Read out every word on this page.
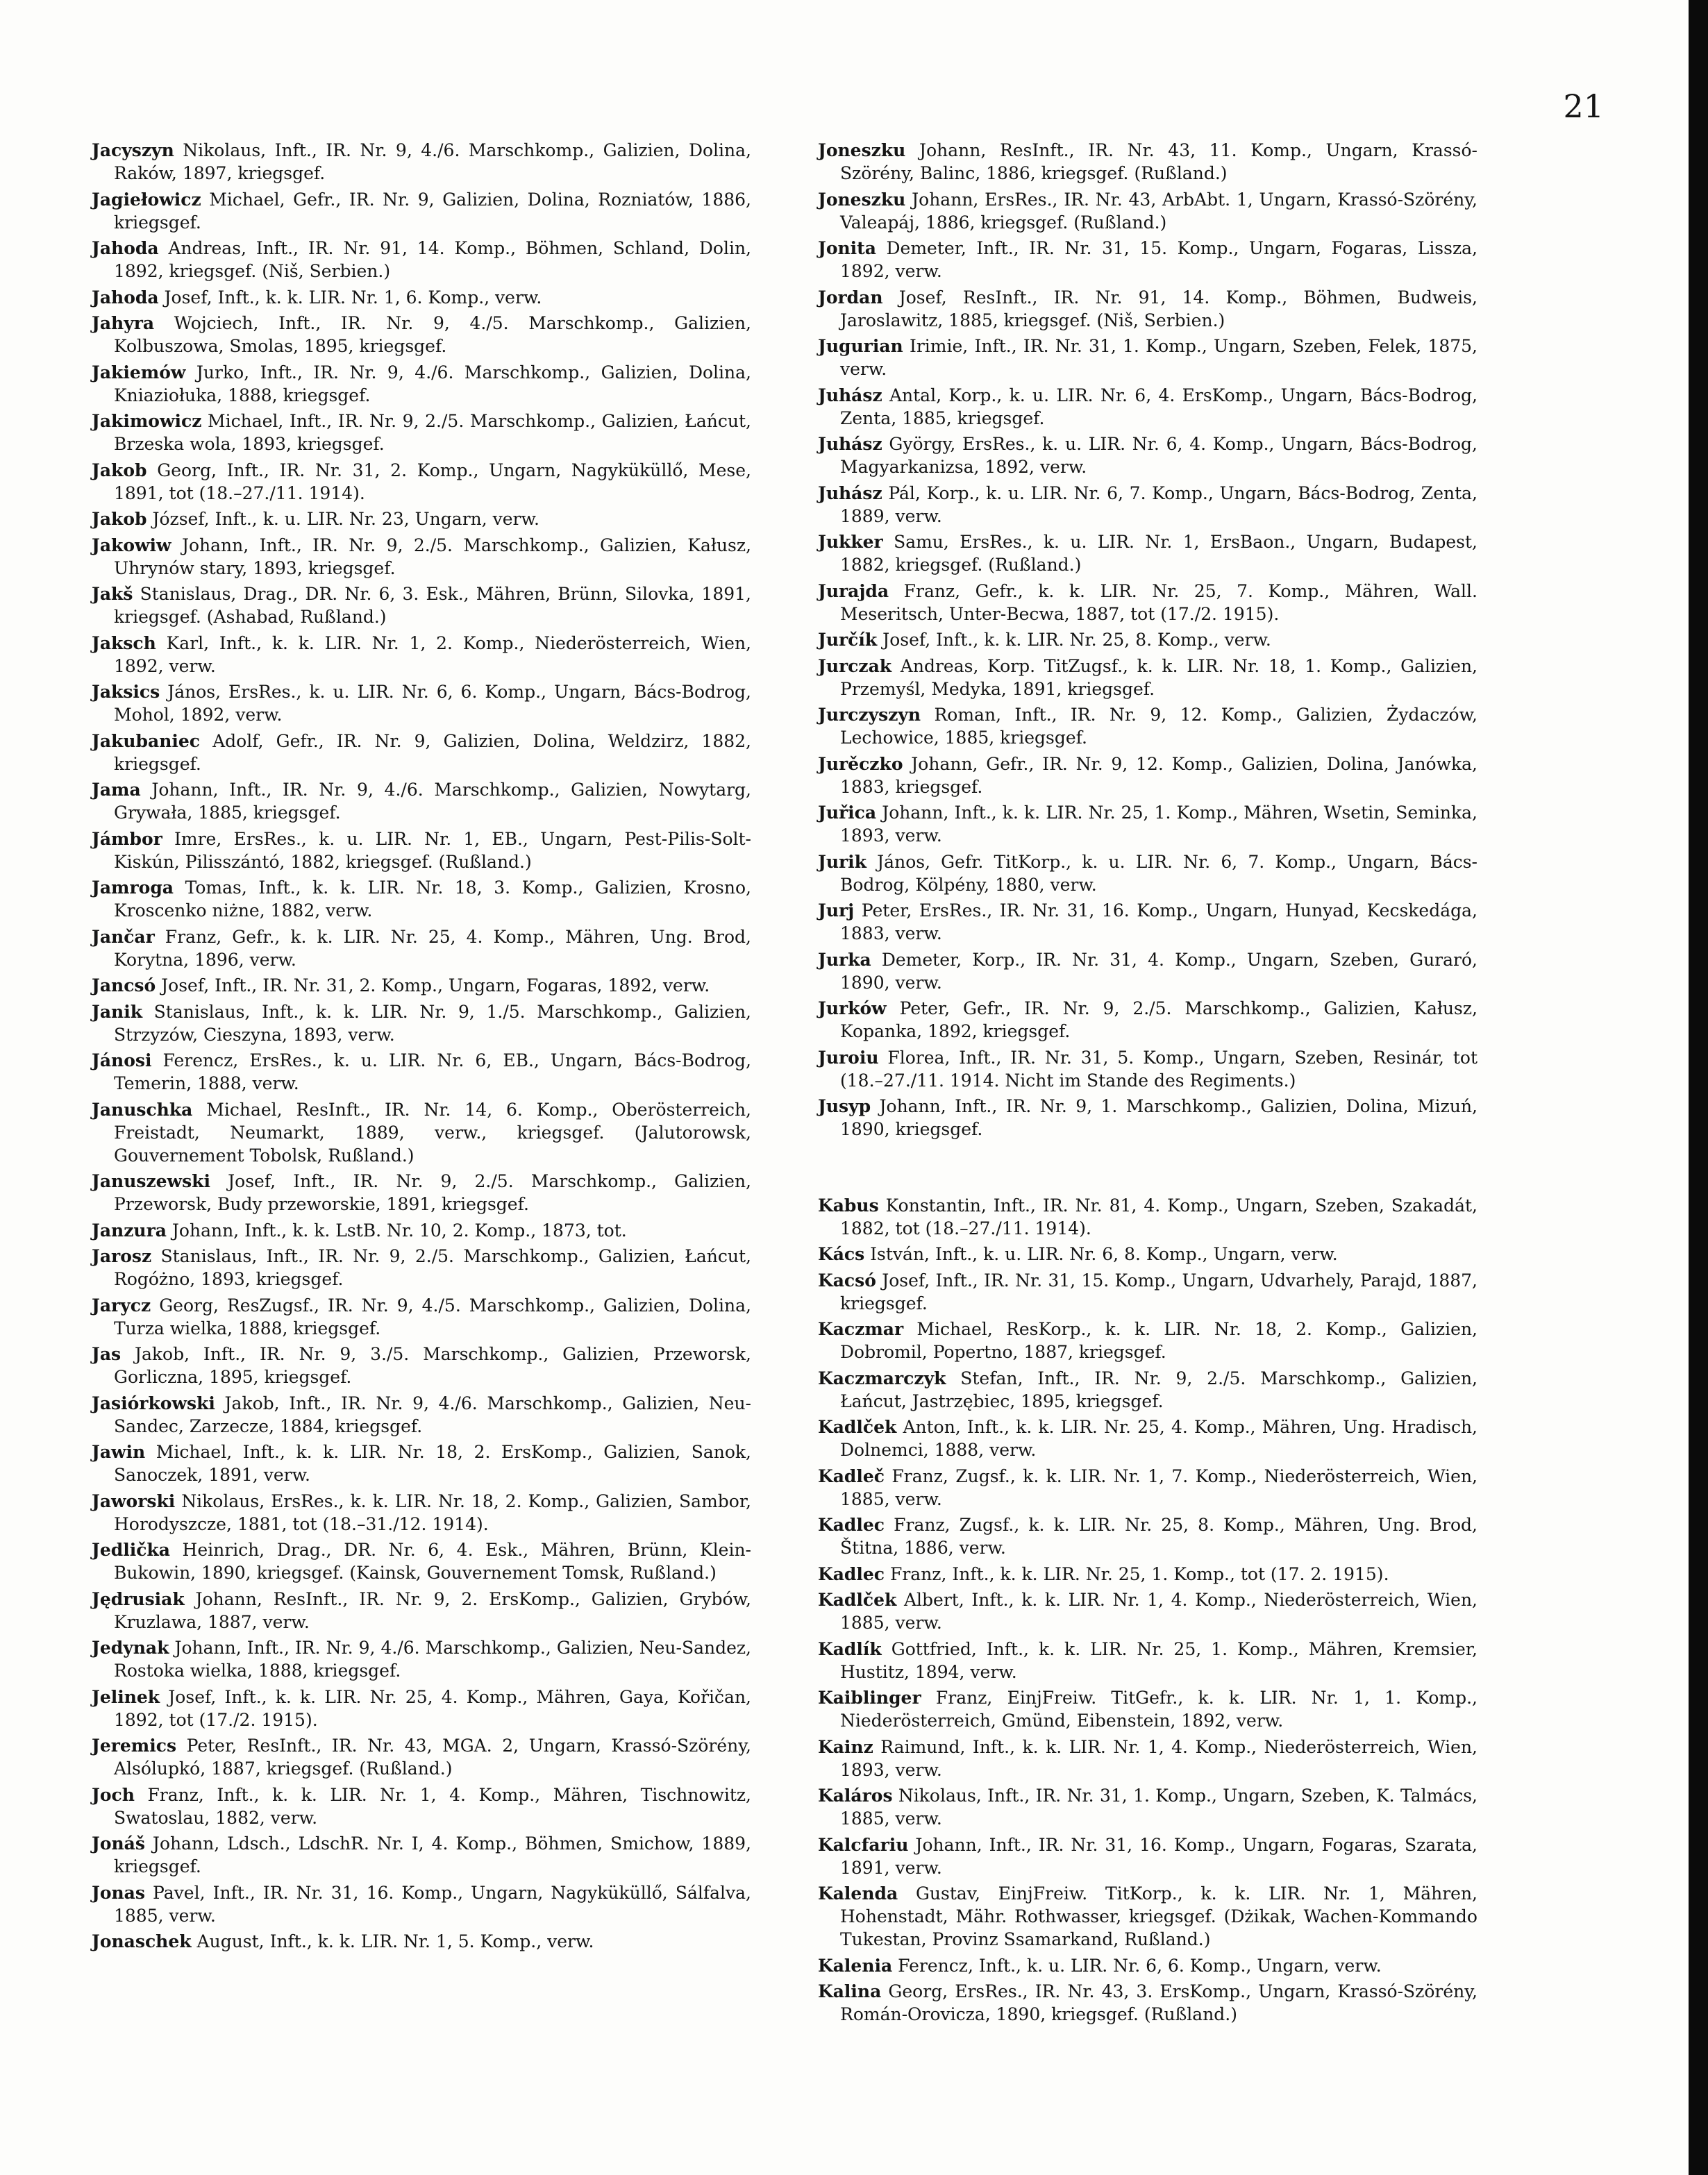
21

Jacyszyn Nikolaus, Inft., IR. Nr. 9, 4./6. Marschkomp., Galizien, Dolina, Raków, 1897, kriegsgef.

Jagiełowicz Michael, Gefr., IR. Nr. 9, Galizien, Dolina, Rozniatów, 1886, kriegsgef.

Jahoda Andreas, Inft., IR. Nr. 91, 14. Komp., Böhmen, Schland, Dolin, 1892, kriegsgef. (Niš, Serbien.)

Jahoda Josef, Inft., k. k. LIR. Nr. 1, 6. Komp., verw.

Jahyra Wojciech, Inft., IR. Nr. 9, 4./5. Marschkomp., Galizien, Kolbuszowa, Smolas, 1895, kriegsgef.

Jakiemów Jurko, Inft., IR. Nr. 9, 4./6. Marschkomp., Galizien, Dolina, Kniaziołuka, 1888, kriegsgef.

Jakimowicz Michael, Inft., IR. Nr. 9, 2./5. Marschkomp., Galizien, Łańcut, Brzeska wola, 1893, kriegsgef.

Jakob Georg, Inft., IR. Nr. 31, 2. Komp., Ungarn, Nagyküküllő, Mese, 1891, tot (18.–27./11. 1914).

Jakob József, Inft., k. u. LIR. Nr. 23, Ungarn, verw.

Jakowiw Johann, Inft., IR. Nr. 9, 2./5. Marschkomp., Galizien, Kałusz, Uhrynów stary, 1893, kriegsgef.

Jakš Stanislaus, Drag., DR. Nr. 6, 3. Esk., Mähren, Brünn, Silovka, 1891, kriegsgef. (Ashabad, Rußland.)

Jaksch Karl, Inft., k. k. LIR. Nr. 1, 2. Komp., Niederösterreich, Wien, 1892, verw.

Jaksics János, ErsRes., k. u. LIR. Nr. 6, 6. Komp., Ungarn, Bács-Bodrog, Mohol, 1892, verw.

Jakubaniec Adolf, Gefr., IR. Nr. 9, Galizien, Dolina, Weldzirz, 1882, kriegsgef.

Jama Johann, Inft., IR. Nr. 9, 4./6. Marschkomp., Galizien, Nowytarg, Grywała, 1885, kriegsgef.

Jámbor Imre, ErsRes., k. u. LIR. Nr. 1, EB., Ungarn, Pest-Pilis-Solt-Kiskún, Pilisszántó, 1882, kriegsgef. (Rußland.)

Jamroga Tomas, Inft., k. k. LIR. Nr. 18, 3. Komp., Galizien, Krosno, Kroscenko niżne, 1882, verw.

Jančar Franz, Gefr., k. k. LIR. Nr. 25, 4. Komp., Mähren, Ung. Brod, Korytna, 1896, verw.

Jancsó Josef, Inft., IR. Nr. 31, 2. Komp., Ungarn, Fogaras, 1892, verw.

Janik Stanislaus, Inft., k. k. LIR. Nr. 9, 1./5. Marschkomp., Galizien, Strzyzów, Cieszyna, 1893, verw.

Jánosi Ferencz, ErsRes., k. u. LIR. Nr. 6, EB., Ungarn, Bács-Bodrog, Temerin, 1888, verw.

Januschka Michael, ResInft., IR. Nr. 14, 6. Komp., Oberösterreich, Freistadt, Neumarkt, 1889, verw., kriegsgef. (Jalutorowsk, Gouvernement Tobolsk, Rußland.)

Januszewski Josef, Inft., IR. Nr. 9, 2./5. Marschkomp., Galizien, Przeworsk, Budy przeworskie, 1891, kriegsgef.

Janzura Johann, Inft., k. k. LstB. Nr. 10, 2. Komp., 1873, tot.

Jarosz Stanislaus, Inft., IR. Nr. 9, 2./5. Marschkomp., Galizien, Łańcut, Rogóżno, 1893, kriegsgef.

Jarycz Georg, ResZugsf., IR. Nr. 9, 4./5. Marschkomp., Galizien, Dolina, Turza wielka, 1888, kriegsgef.

Jas Jakob, Inft., IR. Nr. 9, 3./5. Marschkomp., Galizien, Przeworsk, Gorliczna, 1895, kriegsgef.

Jasiórkowski Jakob, Inft., IR. Nr. 9, 4./6. Marschkomp., Galizien, Neu-Sandec, Zarzecze, 1884, kriegsgef.

Jawin Michael, Inft., k. k. LIR. Nr. 18, 2. ErsKomp., Galizien, Sanok, Sanoczek, 1891, verw.

Jaworski Nikolaus, ErsRes., k. k. LIR. Nr. 18, 2. Komp., Galizien, Sambor, Horodyszcze, 1881, tot (18.–31./12. 1914).

Jedlička Heinrich, Drag., DR. Nr. 6, 4. Esk., Mähren, Brünn, Klein-Bukowin, 1890, kriegsgef. (Kainsk, Gouvernement Tomsk, Rußland.)

Jędrusiak Johann, ResInft., IR. Nr. 9, 2. ErsKomp., Galizien, Grybów, Kruzlawa, 1887, verw.

Jedynak Johann, Inft., IR. Nr. 9, 4./6. Marschkomp., Galizien, Neu-Sandez, Rostoka wielka, 1888, kriegsgef.

Jelinek Josef, Inft., k. k. LIR. Nr. 25, 4. Komp., Mähren, Gaya, Kořičan, 1892, tot (17./2. 1915).

Jeremics Peter, ResInft., IR. Nr. 43, MGA. 2, Ungarn, Krassó-Szörény, Alsólupkó, 1887, kriegsgef. (Rußland.)

Joch Franz, Inft., k. k. LIR. Nr. 1, 4. Komp., Mähren, Tischnowitz, Swatoslau, 1882, verw.

Jonáš Johann, Ldsch., LdschR. Nr. I, 4. Komp., Böhmen, Smichow, 1889, kriegsgef.

Jonas Pavel, Inft., IR. Nr. 31, 16. Komp., Ungarn, Nagyküküllő, Sálfalva, 1885, verw.

Jonaschek August, Inft., k. k. LIR. Nr. 1, 5. Komp., verw.

Joneszku Johann, ResInft., IR. Nr. 43, 11. Komp., Ungarn, Krassó-Szörény, Balinc, 1886, kriegsgef. (Rußland.)

Joneszku Johann, ErsRes., IR. Nr. 43, ArbAbt. 1, Ungarn, Krassó-Szörény, Valeapáj, 1886, kriegsgef. (Rußland.)

Jonita Demeter, Inft., IR. Nr. 31, 15. Komp., Ungarn, Fogaras, Lissza, 1892, verw.

Jordan Josef, ResInft., IR. Nr. 91, 14. Komp., Böhmen, Budweis, Jaroslawitz, 1885, kriegsgef. (Niš, Serbien.)

Jugurian Irimie, Inft., IR. Nr. 31, 1. Komp., Ungarn, Szeben, Felek, 1875, verw.

Juhász Antal, Korp., k. u. LIR. Nr. 6, 4. ErsKomp., Ungarn, Bács-Bodrog, Zenta, 1885, kriegsgef.

Juhász György, ErsRes., k. u. LIR. Nr. 6, 4. Komp., Ungarn, Bács-Bodrog, Magyarkanizsa, 1892, verw.

Juhász Pál, Korp., k. u. LIR. Nr. 6, 7. Komp., Ungarn, Bács-Bodrog, Zenta, 1889, verw.

Jukker Samu, ErsRes., k. u. LIR. Nr. 1, ErsBaon., Ungarn, Budapest, 1882, kriegsgef. (Rußland.)

Jurajda Franz, Gefr., k. k. LIR. Nr. 25, 7. Komp., Mähren, Wall. Meseritsch, Unter-Becwa, 1887, tot (17./2. 1915).

Jurčík Josef, Inft., k. k. LIR. Nr. 25, 8. Komp., verw.

Jurczak Andreas, Korp. TitZugsf., k. k. LIR. Nr. 18, 1. Komp., Galizien, Przemyśl, Medyka, 1891, kriegsgef.

Jurczyszyn Roman, Inft., IR. Nr. 9, 12. Komp., Galizien, Żydaczów, Lechowice, 1885, kriegsgef.

Jurěczko Johann, Gefr., IR. Nr. 9, 12. Komp., Galizien, Dolina, Janówka, 1883, kriegsgef.

Juřica Johann, Inft., k. k. LIR. Nr. 25, 1. Komp., Mähren, Wsetin, Seminka, 1893, verw.

Jurik János, Gefr. TitKorp., k. u. LIR. Nr. 6, 7. Komp., Ungarn, Bács-Bodrog, Kölpény, 1880, verw.

Jurj Peter, ErsRes., IR. Nr. 31, 16. Komp., Ungarn, Hunyad, Kecskedága, 1883, verw.

Jurka Demeter, Korp., IR. Nr. 31, 4. Komp., Ungarn, Szeben, Guraró, 1890, verw.

Jurków Peter, Gefr., IR. Nr. 9, 2./5. Marschkomp., Galizien, Kałusz, Kopanka, 1892, kriegsgef.

Juroiu Florea, Inft., IR. Nr. 31, 5. Komp., Ungarn, Szeben, Resinár, tot (18.–27./11. 1914. Nicht im Stande des Regiments.)

Jusyp Johann, Inft., IR. Nr. 9, 1. Marschkomp., Galizien, Dolina, Mizuń, 1890, kriegsgef.

Kabus Konstantin, Inft., IR. Nr. 81, 4. Komp., Ungarn, Szeben, Szakadát, 1882, tot (18.–27./11. 1914).

Kács István, Inft., k. u. LIR. Nr. 6, 8. Komp., Ungarn, verw.

Kacsó Josef, Inft., IR. Nr. 31, 15. Komp., Ungarn, Udvarhely, Parajd, 1887, kriegsgef.

Kaczmar Michael, ResKorp., k. k. LIR. Nr. 18, 2. Komp., Galizien, Dobromil, Popertno, 1887, kriegsgef.

Kaczmarczyk Stefan, Inft., IR. Nr. 9, 2./5. Marschkomp., Galizien, Łańcut, Jastrzębiec, 1895, kriegsgef.

Kadlček Anton, Inft., k. k. LIR. Nr. 25, 4. Komp., Mähren, Ung. Hradisch, Dolnemci, 1888, verw.

Kadleč Franz, Zugsf., k. k. LIR. Nr. 1, 7. Komp., Niederösterreich, Wien, 1885, verw.

Kadlec Franz, Zugsf., k. k. LIR. Nr. 25, 8. Komp., Mähren, Ung. Brod, Štitna, 1886, verw.

Kadlec Franz, Inft., k. k. LIR. Nr. 25, 1. Komp., tot (17. 2. 1915).

Kadlček Albert, Inft., k. k. LIR. Nr. 1, 4. Komp., Niederösterreich, Wien, 1885, verw.

Kadlík Gottfried, Inft., k. k. LIR. Nr. 25, 1. Komp., Mähren, Kremsier, Hustitz, 1894, verw.

Kaiblinger Franz, EinjFreiw. TitGefr., k. k. LIR. Nr. 1, 1. Komp., Niederösterreich, Gmünd, Eibenstein, 1892, verw.

Kainz Raimund, Inft., k. k. LIR. Nr. 1, 4. Komp., Niederösterreich, Wien, 1893, verw.

Kaláros Nikolaus, Inft., IR. Nr. 31, 1. Komp., Ungarn, Szeben, K. Talmács, 1885, verw.

Kalcfariu Johann, Inft., IR. Nr. 31, 16. Komp., Ungarn, Fogaras, Szarata, 1891, verw.

Kalenda Gustav, EinjFreiw. TitKorp., k. k. LIR. Nr. 1, Mähren, Hohenstadt, Mähr. Rothwasser, kriegsgef. (Dżikak, Wachen-Kommando Tukestan, Provinz Ssamarkand, Rußland.)

Kalenia Ferencz, Inft., k. u. LIR. Nr. 6, 6. Komp., Ungarn, verw.

Kalina Georg, ErsRes., IR. Nr. 43, 3. ErsKomp., Ungarn, Krassó-Szörény, Román-Orovicza, 1890, kriegsgef. (Rußland.)
